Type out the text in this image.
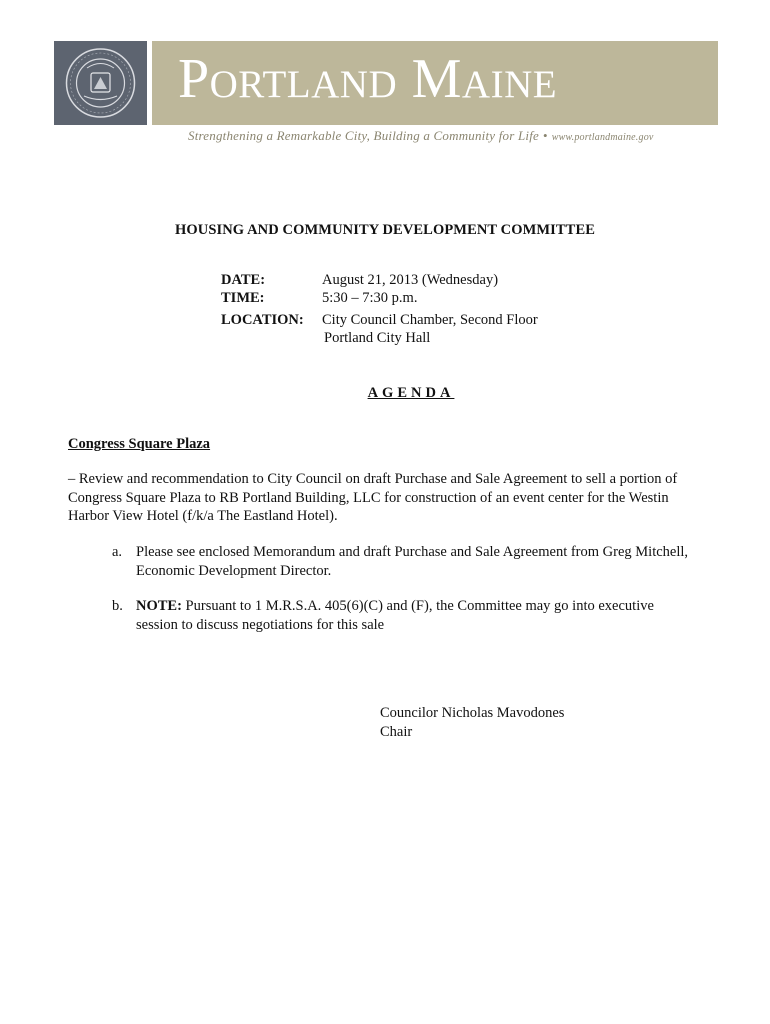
Portland Maine
Strengthening a Remarkable City, Building a Community for Life • www.portlandmaine.gov
HOUSING AND COMMUNITY DEVELOPMENT COMMITTEE
DATE:	August 21, 2013 (Wednesday)
TIME:	5:30 – 7:30 p.m.
LOCATION: City Council Chamber, Second Floor
Portland City Hall
AGENDA
Congress Square Plaza
– Review and recommendation to City Council on draft Purchase and Sale Agreement to sell a portion of Congress Square Plaza to RB Portland Building, LLC for construction of an event center for the Westin Harbor View Hotel (f/k/a The Eastland Hotel).
a. Please see enclosed Memorandum and draft Purchase and Sale Agreement from Greg Mitchell, Economic Development Director.
b. NOTE: Pursuant to 1 M.R.S.A. 405(6)(C) and (F), the Committee may go into executive session to discuss negotiations for this sale
Councilor Nicholas Mavodones
Chair
